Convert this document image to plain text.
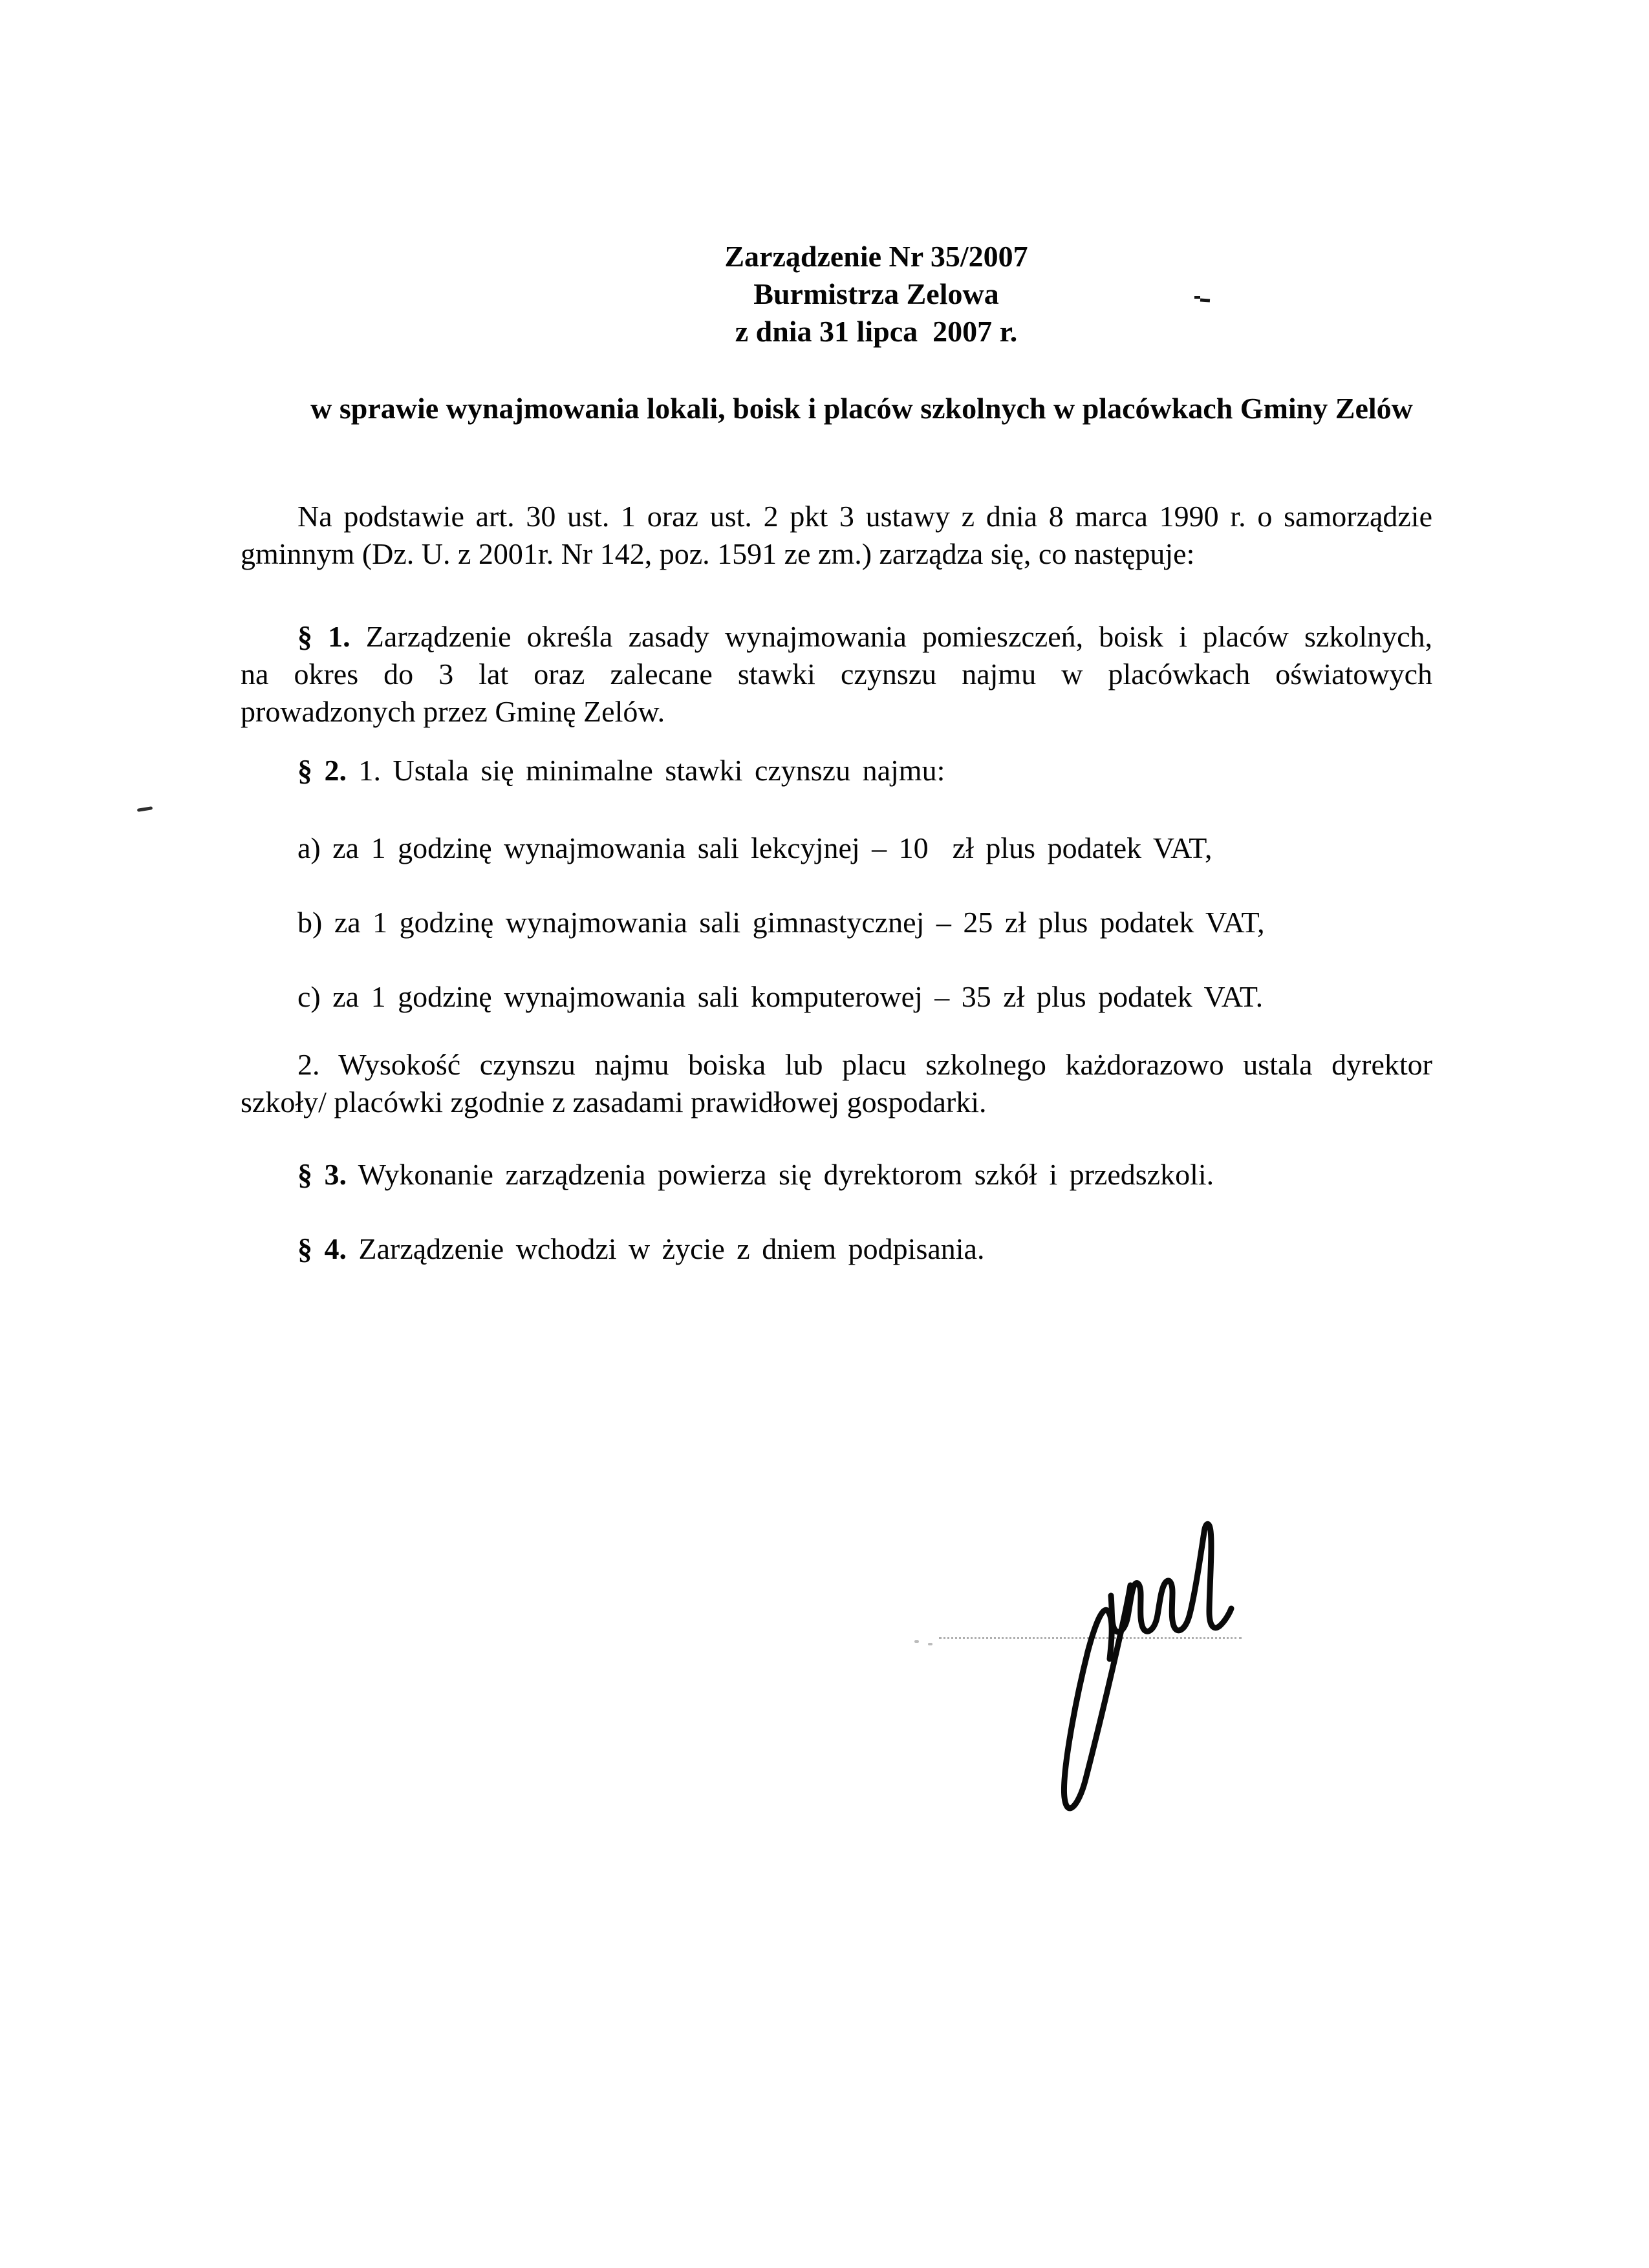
Zarządzenie Nr 35/2007
Burmistrza Zelowa
z dnia 31 lipca  2007 r.
w sprawie wynajmowania lokali, boisk i placów szkolnych w placówkach Gminy Zelów
Na podstawie art. 30 ust. 1 oraz ust. 2 pkt 3 ustawy z dnia 8 marca 1990 r. o samorządzie
gminnym (Dz. U. z 2001r. Nr 142, poz. 1591 ze zm.) zarządza się, co następuje:
§ 1. Zarządzenie określa zasady wynajmowania pomieszczeń, boisk i placów szkolnych,
na okres do 3 lat oraz zalecane stawki czynszu najmu w placówkach oświatowych
prowadzonych przez Gminę Zelów.
§ 2. 1. Ustala się minimalne stawki czynszu najmu:
a) za 1 godzinę wynajmowania sali lekcyjnej – 10  zł plus podatek VAT,
b) za 1 godzinę wynajmowania sali gimnastycznej – 25 zł plus podatek VAT,
c) za 1 godzinę wynajmowania sali komputerowej – 35 zł plus podatek VAT.
2. Wysokość czynszu najmu boiska lub placu szkolnego każdorazowo ustala dyrektor
szkoły/ placówki zgodnie z zasadami prawidłowej gospodarki.
§ 3. Wykonanie zarządzenia powierza się dyrektorom szkół i przedszkoli.
§ 4. Zarządzenie wchodzi w życie z dniem podpisania.
